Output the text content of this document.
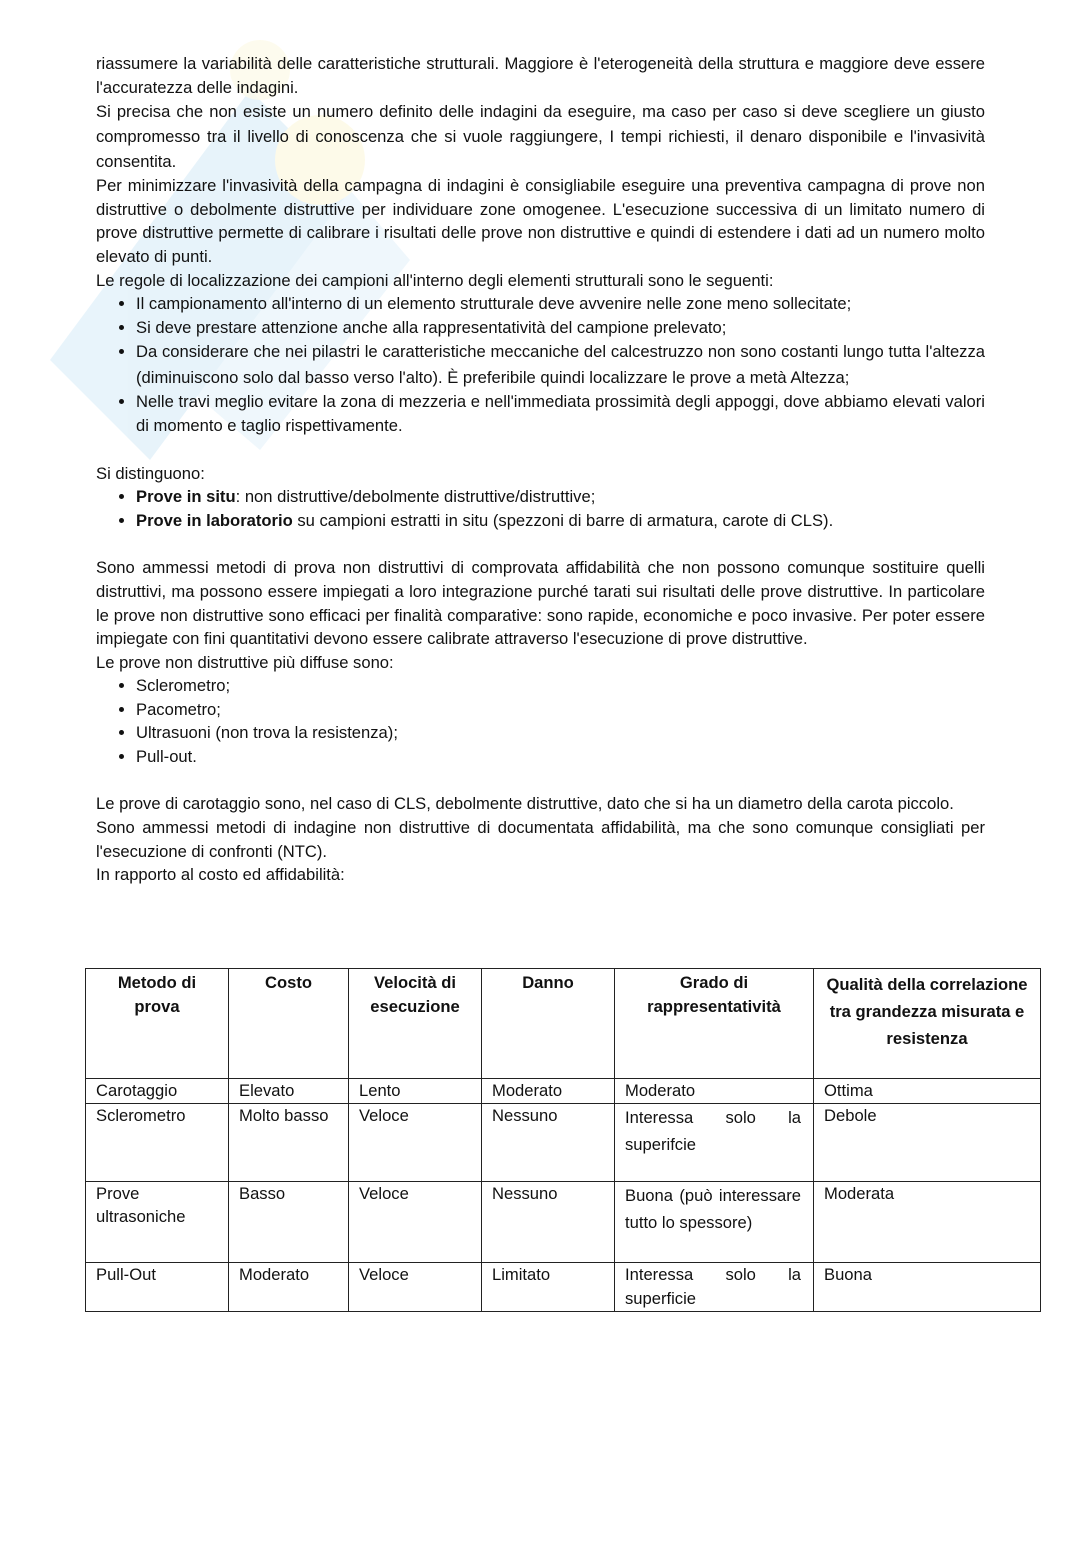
riassumere la variabilità delle caratteristiche strutturali. Maggiore è l'eterogeneità della struttura e maggiore deve essere l'accuratezza delle indagini.

Si precisa che non esiste un numero definito delle indagini da eseguire, ma caso per caso si deve scegliere un giusto compromesso tra il livello di conoscenza che si vuole raggiungere, I tempi richiesti, il denaro disponibile e l'invasività consentita.

Per minimizzare l'invasività della campagna di indagini è consigliabile eseguire una preventiva campagna di prove non distruttive o debolmente distruttive per individuare zone omogenee. L'esecuzione successiva di un limitato numero di prove distruttive permette di calibrare i risultati delle prove non distruttive e quindi di estendere i dati ad un numero molto elevato di punti.

Le regole di localizzazione dei campioni all'interno degli elementi strutturali sono le seguenti:

• Il campionamento all'interno di un elemento strutturale deve avvenire nelle zone meno sollecitate;
• Si deve prestare attenzione anche alla rappresentatività del campione prelevato;
• Da considerare che nei pilastri le caratteristiche meccaniche del calcestruzzo non sono costanti lungo tutta l'altezza (diminuiscono solo dal basso verso l'alto). È preferibile quindi localizzare le prove a metà Altezza;
• Nelle travi meglio evitare la zona di mezzeria e nell'immediata prossimità degli appoggi, dove abbiamo elevati valori di momento e taglio rispettivamente.

Si distinguono:

• Prove in situ: non distruttive/debolmente distruttive/distruttive;
• Prove in laboratorio su campioni estratti in situ (spezzoni di barre di armatura, carote di CLS).

Sono ammessi metodi di prova non distruttivi di comprovata affidabilità che non possono comunque sostituire quelli distruttivi, ma possono essere impiegati a loro integrazione purché tarati sui risultati delle prove distruttive. In particolare le prove non distruttive sono efficaci per finalità comparative: sono rapide, economiche e poco invasive. Per poter essere impiegate con fini quantitativi devono essere calibrate attraverso l'esecuzione di prove distruttive.

Le prove non distruttive più diffuse sono:

• Sclerometro;
• Pacometro;
• Ultrasuoni (non trova la resistenza);
• Pull-out.

Le prove di carotaggio sono, nel caso di CLS, debolmente distruttive, dato che si ha un diametro della carota piccolo.

Sono ammessi metodi di indagine non distruttive di documentata affidabilità, ma che sono comunque consigliati per l'esecuzione di confronti (NTC).

In rapporto al costo ed affidabilità:

Metodo di prova	Costo	Velocità di esecuzione	Danno	Grado di rappresentatività	Qualità della correlazione tra grandezza misurata e resistenza
Carotaggio	Elevato	Lento	Moderato	Moderato	Ottima
Sclerometro	Molto basso	Veloce	Nessuno	Interessa solo la superifcie	Debole
Prove ultrasoniche	Basso	Veloce	Nessuno	Buona (può interessare tutto lo spessore)	Moderata
Pull-Out	Moderato	Veloce	Limitato	Interessa solo la superficie	Buona
